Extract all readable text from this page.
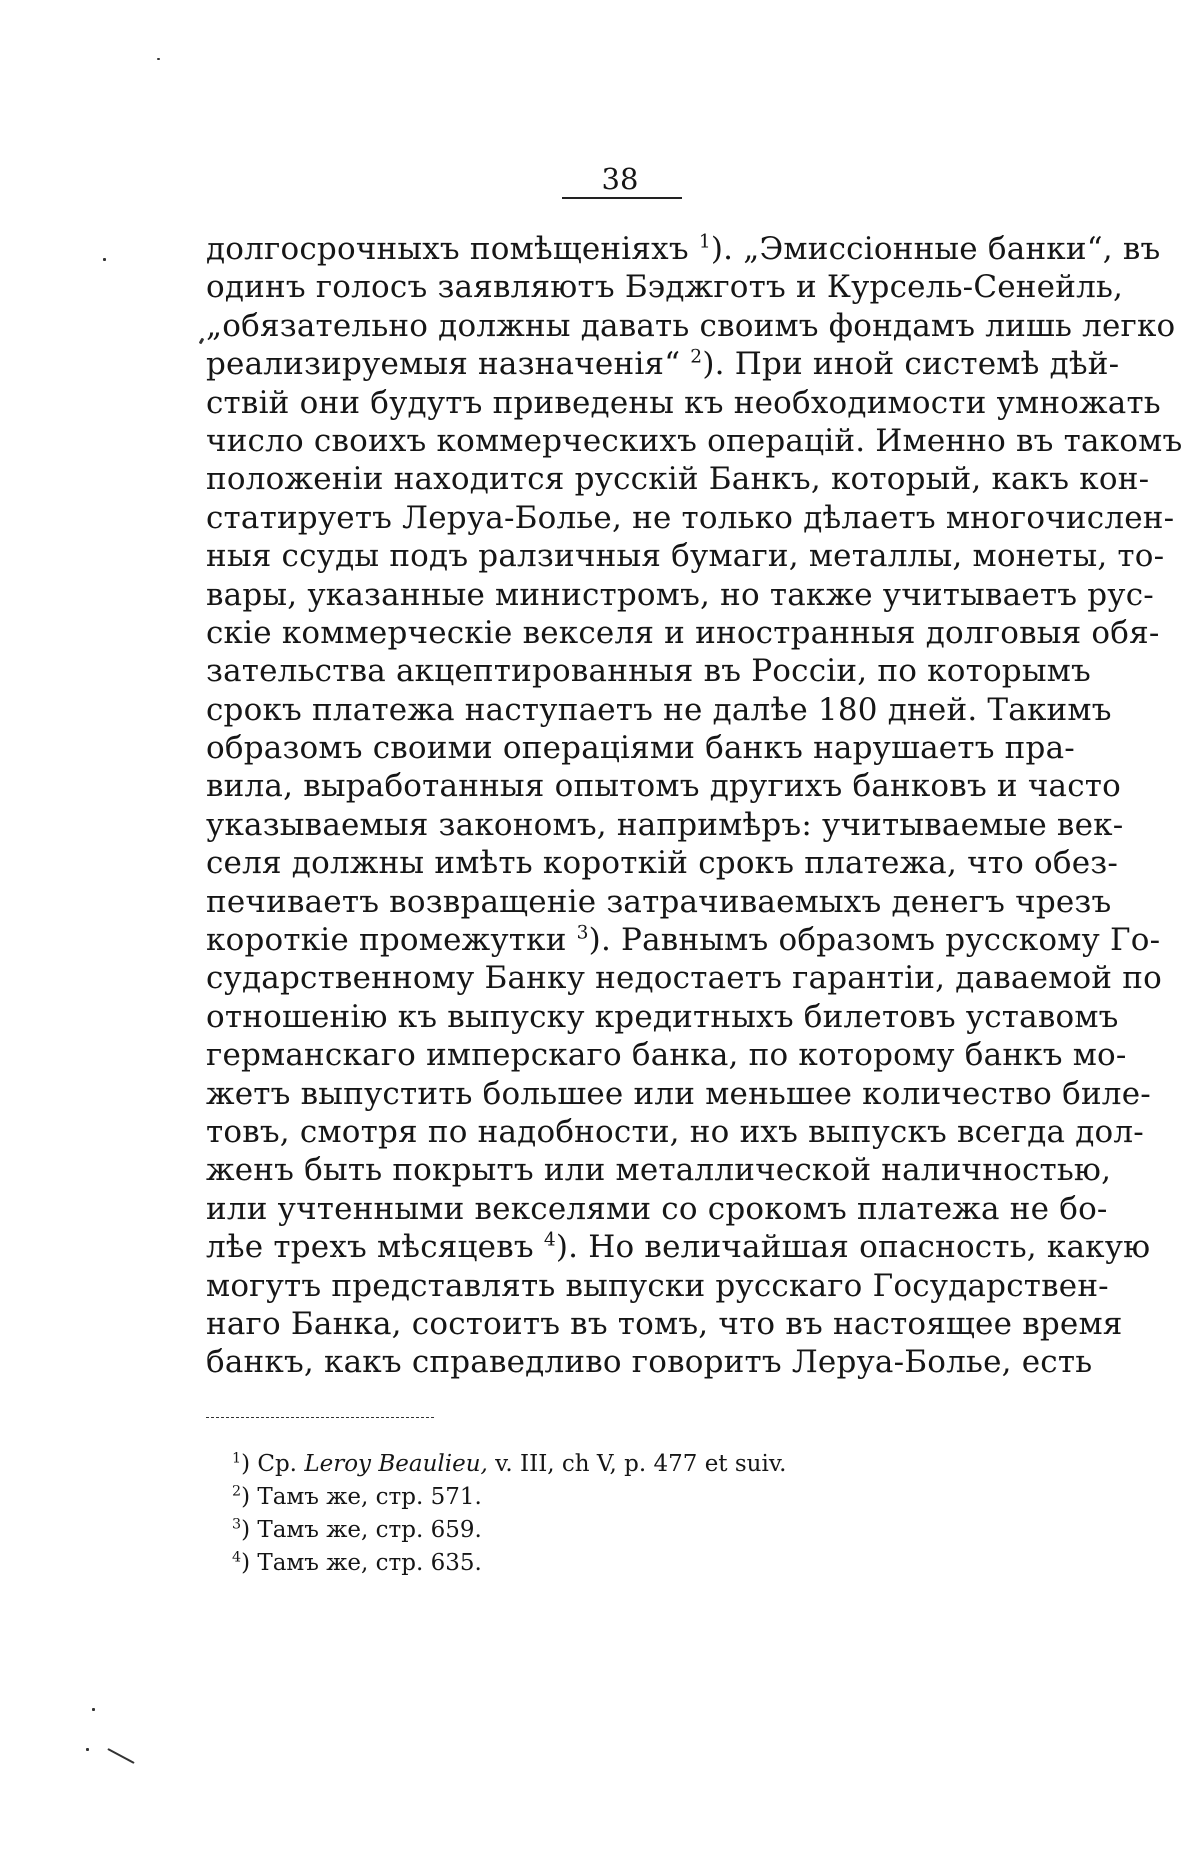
38
долгосрочныхъ помѣщеніяхъ $^1$). „Эмиссіонные банки“, въ
одинъ голосъ заявляютъ Бэджготъ и Курсель-Сенейль,
„обязательно должны давать своимъ фондамъ лишь легко
реализируемыя назначенія“ $^2$). При иной системѣ дѣй-
ствій они будутъ приведены къ необходимости умножать
число своихъ коммерческихъ операцій. Именно въ такомъ
положеніи находится русскій Банкъ, который, какъ кон-
статируетъ Леруа-Болье, не только дѣлаетъ многочислен-
ныя ссуды подъ ралзичныя бумаги, металлы, монеты, то-
вары, указанные министромъ, но также учитываетъ рус-
скіе коммерческіе векселя и иностранныя долговыя обя-
зательства акцептированныя въ Россіи, по которымъ
срокъ платежа наступаетъ не далѣе 180 дней. Такимъ
образомъ своими операціями банкъ нарушаетъ пра-
вила, выработанныя опытомъ другихъ банковъ и часто
указываемыя закономъ, напримѣръ: учитываемые век-
селя должны имѣть короткій срокъ платежа, что обез-
печиваетъ возвращеніе затрачиваемыхъ денегъ чрезъ
короткіе промежутки $^3$). Равнымъ образомъ русскому Го-
сударственному Банку недостаетъ гарантіи, даваемой по
отношенію къ выпуску кредитныхъ билетовъ уставомъ
германскаго имперскаго банка, по которому банкъ мо-
жетъ выпустить большее или меньшее количество биле-
товъ, смотря по надобности, но ихъ выпускъ всегда дол-
женъ быть покрытъ или металлической наличностью,
или учтенными векселями со срокомъ платежа не бо-
лѣе трехъ мѣсяцевъ $^4$). Но величайшая опасность, какую
могутъ представлять выпуски русскаго Государствен-
наго Банка, состоитъ въ томъ, что въ настоящее время
банкъ, какъ справедливо говоритъ Леруа-Болье, есть
$^1$) Cp. Leroy Beaulieu, v. III, ch V, p. 477 et suiv.
$^2$) Тамъ же, стр. 571.
$^3$) Тамъ же, стр. 659.
$^4$) Тамъ же, стр. 635.
